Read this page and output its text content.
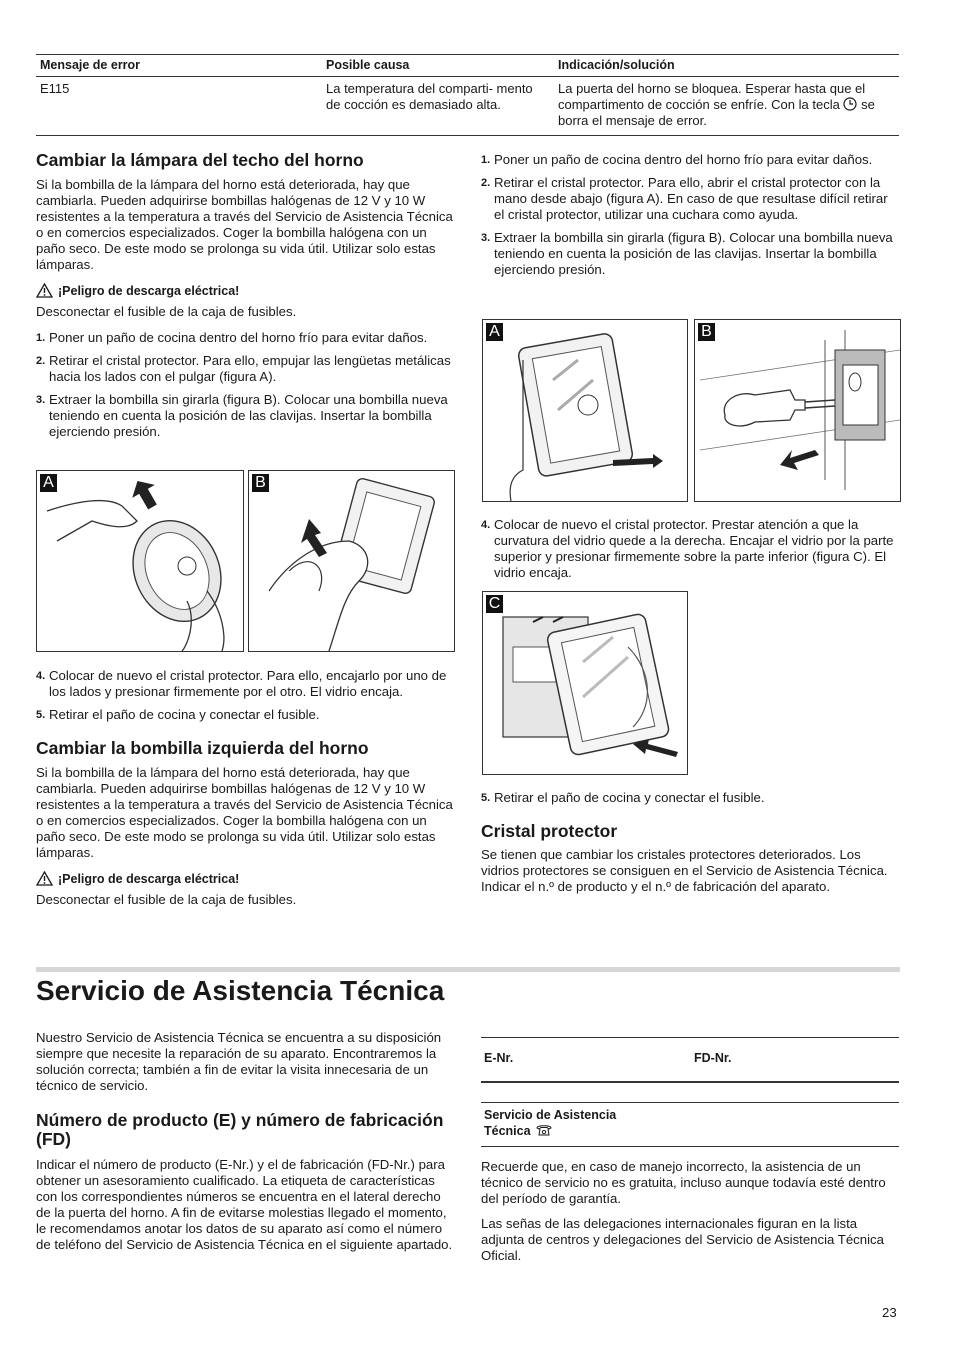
Mensaje de error	Posible causa	Indicación/solución
E115	La temperatura del comparti- mento de cocción es demasiado alta.	La puerta del horno se bloquea. Esperar hasta que el compartimento de cocción se enfríe. Con la tecla se borra el mensaje de error.
Cambiar la lámpara del techo del horno

Si la bombilla de la lámpara del horno está deteriorada, hay que cambiarla. Pueden adquirirse bombillas halógenas de 12 V y 10 W resistentes a la temperatura a través del Servicio de Asistencia Técnica o en comercios especializados. Coger la bombilla halógena con un paño seco. De este modo se prolonga su vida útil. Utilizar solo estas lámparas.

¡Peligro de descarga eléctrica!

Desconectar el fusible de la caja de fusibles.

1. Poner un paño de cocina dentro del horno frío para evitar daños.
2. Retirar el cristal protector. Para ello, empujar las lengüetas metálicas hacia los lados con el pulgar (figura A).
3. Extraer la bombilla sin girarla (figura B). Colocar una bombilla nueva teniendo en cuenta la posición de las clavijas. Insertar la bombilla ejerciendo presión.
A	B
4. Colocar de nuevo el cristal protector. Para ello, encajarlo por uno de los lados y presionar firmemente por el otro. El vidrio encaja.
5. Retirar el paño de cocina y conectar el fusible.
Cambiar la bombilla izquierda del horno

Si la bombilla de la lámpara del horno está deteriorada, hay que cambiarla. Pueden adquirirse bombillas halógenas de 12 V y 10 W resistentes a la temperatura a través del Servicio de Asistencia Técnica o en comercios especializados. Coger la bombilla halógena con un paño seco. De este modo se prolonga su vida útil. Utilizar solo estas lámparas.

¡Peligro de descarga eléctrica!

Desconectar el fusible de la caja de fusibles.

1. Poner un paño de cocina dentro del horno frío para evitar daños.
2. Retirar el cristal protector. Para ello, abrir el cristal protector con la mano desde abajo (figura A). En caso de que resultase difícil retirar el cristal protector, utilizar una cuchara como ayuda.
3. Extraer la bombilla sin girarla (figura B). Colocar una bombilla nueva teniendo en cuenta la posición de las clavijas. Insertar la bombilla ejerciendo presión.
A	B
4. Colocar de nuevo el cristal protector. Prestar atención a que la curvatura del vidrio quede a la derecha. Encajar el vidrio por la parte superior y presionar firmemente sobre la parte inferior (figura C). El vidrio encaja.
C
5. Retirar el paño de cocina y conectar el fusible.
Cristal protector

Se tienen que cambiar los cristales protectores deteriorados. Los vidrios protectores se consiguen en el Servicio de Asistencia Técnica. Indicar el n.º de producto y el n.º de fabricación del aparato.

Servicio de Asistencia Técnica

Nuestro Servicio de Asistencia Técnica se encuentra a su disposición siempre que necesite la reparación de su aparato. Encontraremos la solución correcta; también a fin de evitar la visita innecesaria de un técnico de servicio.

Número de producto (E) y número de fabricación (FD)

Indicar el número de producto (E-Nr.) y el de fabricación (FD-Nr.) para obtener un asesoramiento cualificado. La etiqueta de características con los correspondientes números se encuentra en el lateral derecho de la puerta del horno. A fin de evitarse molestias llegado el momento, le recomendamos anotar los datos de su aparato así como el número de teléfono del Servicio de Asistencia Técnica en el siguiente apartado.

E-Nr.	FD-Nr.
Servicio de Asistencia Técnica

Recuerde que, en caso de manejo incorrecto, la asistencia de un técnico de servicio no es gratuita, incluso aunque todavía esté dentro del período de garantía.

Las señas de las delegaciones internacionales figuran en la lista adjunta de centros y delegaciones del Servicio de Asistencia Técnica Oficial.

23
